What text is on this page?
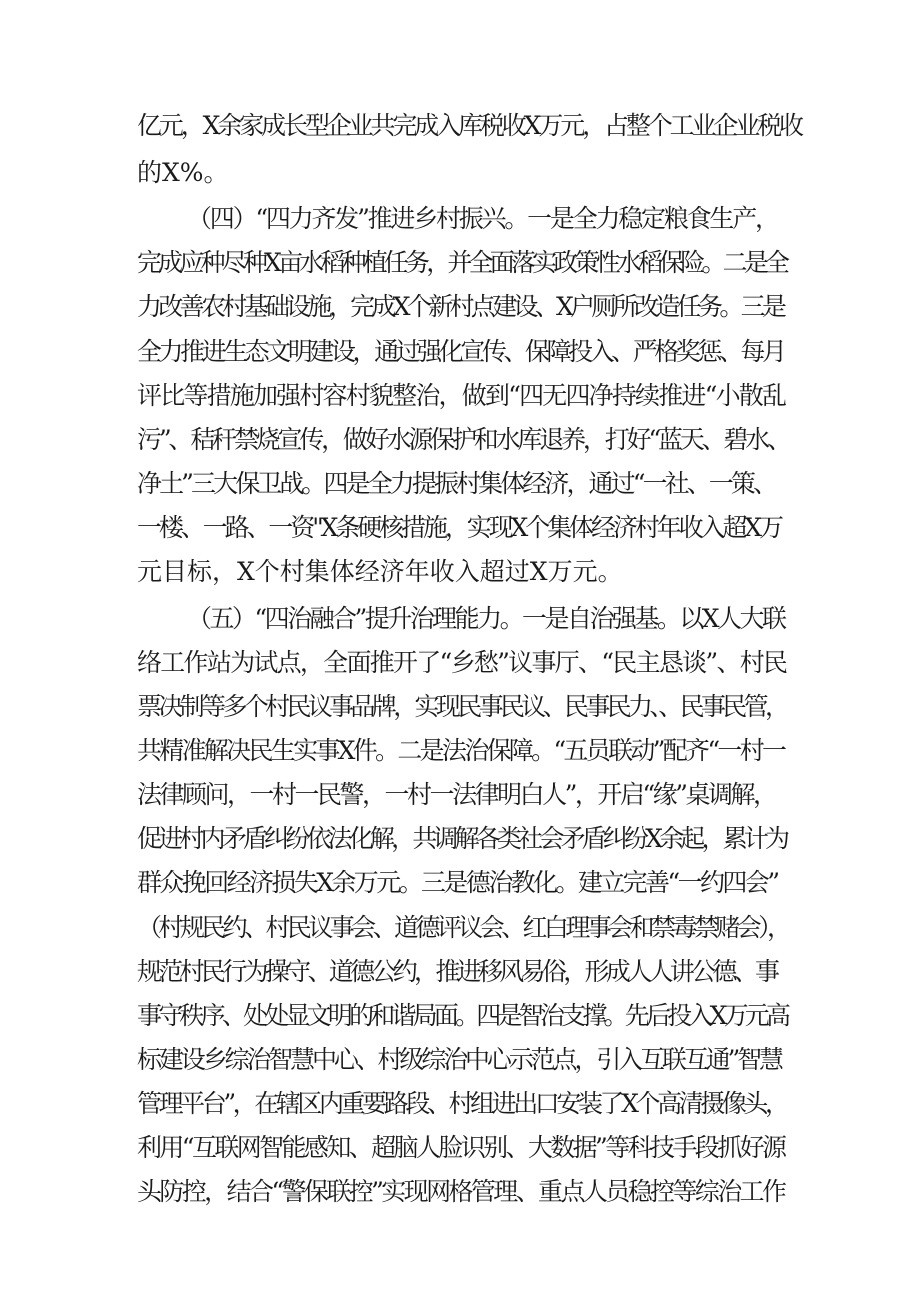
亿元，X余家成长型企业共完成入库税收X万元，占整个工业企业税收

的X%。

（四）“四力齐发”推进乡村振兴。一是全力稳定粮食生产，

完成应种尽种X亩水稻种植任务，并全面落实政策性水稻保险。二是全

力改善农村基础设施，完成X个新村点建设、X户厕所改造任务。三是

全力推进生态文明建设，通过强化宣传、保障投入、严格奖惩、每月

评比等措施加强村容村貌整治，做到“四无四净持续推进“小散乱

污”、秸秆禁烧宣传，做好水源保护和水库退养，打好“蓝天、碧水、

净土”三大保卫战。四是全力提振村集体经济，通过“一社、一策、

一楼、一路、一资"X条硬核措施，实现X个集体经济村年收入超X万

元目标，X个村集体经济年收入超过X万元。

（五）“四治融合”提升治理能力。一是自治强基。以X人大联

络工作站为试点，全面推开了“乡愁”议事厅、“民主恳谈”、村民

票决制等多个村民议事品牌，实现民事民议、民事民力、、民事民管，

共精准解决民生实事X件。二是法治保障。“五员联动”配齐“一村一

法律顾问，一村一民警，一村一法律明白人”，开启“缘”桌调解，

促进村内矛盾纠纷依法化解，共调解各类社会矛盾纠纷X余起，累计为

群众挽回经济损失X余万元。三是德治教化。建立完善“一约四会”

（村规民约、村民议事会、道德评议会、红白理事会和禁毒禁赌会），

规范村民行为操守、道德公约，推进移风易俗，形成人人讲公德、事

事守秩序、处处显文明的和谐局面。四是智治支撑。先后投入X万元高

标建设乡综治智慧中心、村级综治中心示范点，引入互联互通”智慧

管理平台”，在辖区内重要路段、村组进出口安装了X个高清摄像头，

利用“互联网智能感知、超脑人脸识别、大数据”等科技手段抓好源

头防控，结合“警保联控”实现网格管理、重点人员稳控等综治工作
